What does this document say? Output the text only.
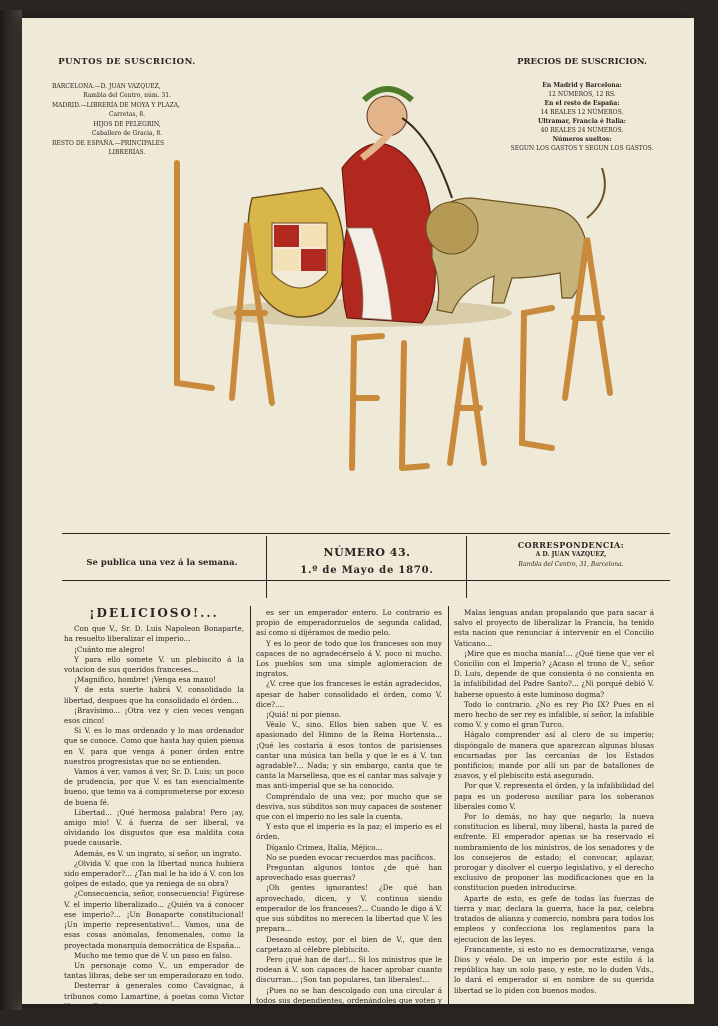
PUNTOS DE SUSCRICION.
BARCELONA.—D. JUAN VAZQUEZ,
Rambla del Centro, núm. 31.
MADRID.—LIBRERÍA DE MOYA Y PLAZA,
Carretas, 8.
HIJOS DE PELEGRIN,
Caballero de Gracia, 8.
RESTO DE ESPAÑA.—PRINCIPALES
LIBRERÍAS.
PRECIOS DE SUSCRICION.
En Madrid y Barcelona:
12 NÚMEROS, 12 RS.
En el resto de España:
14 REALES 12 NÚMEROS.
Ultramar, Francia é Italia:
40 REALES 24 NÚMEROS.
Números sueltos:
SEGUN LOS GASTOS Y SEGUN LOS GASTOS.
LA FLACA
Se publica una vez á la semana.
NÚMERO 43.
1.º de Mayo de 1870.
CORRESPONDENCIA:
A D. JUAN VAZQUEZ,
Rambla del Centro, 31, Barcelona.
¡DELICIOSO!...

Con que V., Sr. D. Luis Napoleon Bonaparte, ha resuelto liberalizar el imperio...

¡Cuánto me alegro!

Y para ello somete V. un plebiscito á la votacion de sus queridos franceses...

¡Magnífico, hombre! ¡Venga esa mano!

Y de esta suerte habrá V. consolidado la libertad, despues que ha consolidado el órden...

¡Bravísimo... ¡Otra vez y cien veces vengan esos cinco!

Si V. es lo mas ordenado y lo mas ordenador que se conoce. Como que hasta hay quien piensa en V. para que venga á poner órden entre nuestros progresistas que no se entienden.

Vamos á ver, vamos á ver, Sr. D. Luis; un poco de prudencia, por que V. es tan esencialmente bueno, que temo va á comprometerse por exceso de buena fé.

Libertad... ¡Qué hermosa palabra! Pero ¡ay, amigo mio! V. á fuerza de ser liberal, va olvidando los disgustos que esa maldita cosa puede causarle.

Además, es V. un ingrato, sí señor, un ingrato.

¿Olvida V. que con la libertad nunca hubiera sido emperador?... ¿Tan mal le ha ido á V. con los golpes de estado, que ya reniega de su obra?

¿Consecuencia, señor, consecuencia! Figúrese V. el imperio liberalizado... ¿Quién va á conocer ese imperio?... ¡Un Bonaparte constitucional! ¡Un imperio representativo!... Vamos, una de esas cosas anómalas, fenomenales, como la proyectada monarquía democrática de España...

Mucho me temo que dé V. un paso en falso.

Un personaje como V., un emperador de tantas libras, debe ser un emperadorazo en todo.

Desterrar á generales como Cavaignac, á tribunos como Lamartine, á poetas como Victor Hugo... Esto

es ser un emperador entero. Lo contrario es propio de emperadorzuelos de segunda calidad, así como si dijéramos de medio pelo.

Y es lo peor de todo que los franceses son muy capaces de no agradecérselo á V. poco ni mucho. Los pueblos son una simple aglomeracion de ingratos.

¿V. cree que los franceses le están agradecidos, apesar de haber consolidado el órden, como V. dice?....

¡Quiá! ni por pienso.

Véalo V., sino. Ellos bien saben que V. es apasionado del Himno de la Reina Hortensia... ¡Qué les costaría á esos tontos de parisienses cantar una música tan bella y que le es á V. tan agradable?... Nada; y sin embargo, canta que te canta la Marsellesa, que es el cantar mas salvaje y mas anti-imperial que se ha conocido.

Compréndalo de una vez; por mucho que se desviva, sus súbditos son muy capaces de sostener que con el imperio no les sale la cuenta.

Y esto que el imperio es la paz; el imperio es el órden.

Díganlo Crimea, Italia, Méjico...

No se pueden evocar recuerdos mas pacíficos.

Preguntan algunos tontos ¿de qué han aprovechado esas guerras?

¡Oh gentes ignorantes! ¿De qué han aprovechado, dicen, y V. continua siendo emperador de los franceses?... Cuando le digo á V. que sus súbditos no merecen la libertad que V. les prepara...

Deseando estoy, por el bien de V., que den carpetazo al célebre plebiscito.

Pero ¡qué han de dar!... Si los ministros que le rodean á V. son capaces de hacer aprobar cuanto discurran... ¡Son tan populares, tan liberales!...

¡Pues no se han descolgado con una circular á todos sus dependientes, ordenándoles que voten y hagan votar el plebiscito famoso!... Esto, esto es ser ministro, y sobre todo es ser liberal.

Malas lenguas andan propalando que para sacar á salvo el proyecto de liberalizar la Francia, ha tenido esta nacion que renunciar á intervenir en el Concilio Vaticano...

¡Mire que es mucha manía!... ¿Qué tiene que ver el Concilio con el Imperio? ¿Acaso el trono de V., señor D. Luis, depende de que consienta ó no consienta en la infalibilidad del Padre Santo?... ¿Ni porqué debió V. haberse opuesto á este luminoso dogma?

Todo lo contrario. ¿No es rey Pio IX? Pues en el mero hecho de ser rey es infalible, sí señor, la infalible como V. y como el gran Turco.

Hágalo comprender así al clero de su imperio; dispóngalo de manera que aparezcan algunas blusas encarnadas por las cercanías de los Estados pontificios; mande por allí un par de batallones de zuavos, y el plebiscito está asegurado.

Por que V. representa el órden, y la infalibilidad del papa es un poderoso auxiliar para los soberanos liberales como V.

Por lo demás, no hay que negarlo; la nueva constitucion es liberal, muy liberal, hasta la pared de enfrente. El emperador apenas se ha reservado el nombramiento de los ministros, de los senadores y de los consejeros de estado; el convocar, aplazar, prorogar y disolver el cuerpo legislativo, y el derecho exclusivo de proponer las modificaciones que en la constitucion pueden introducirse.

Aparte de esto, es gefe de todas las fuerzas de tierra y mar, declara la guerra, hace la paz, celebra tratados de alianza y comercio, nombra para todos los empleos y confecciona los reglamentos para la ejecucion de las leyes.

Francamente, si esto no es democratizarse, venga Dios y véalo. De un imperio por este estilo á la república hay un solo paso, y este, no lo duden Vds., lo dará el emperador si en nombre de su querida libertad se lo piden con buenos modos.
